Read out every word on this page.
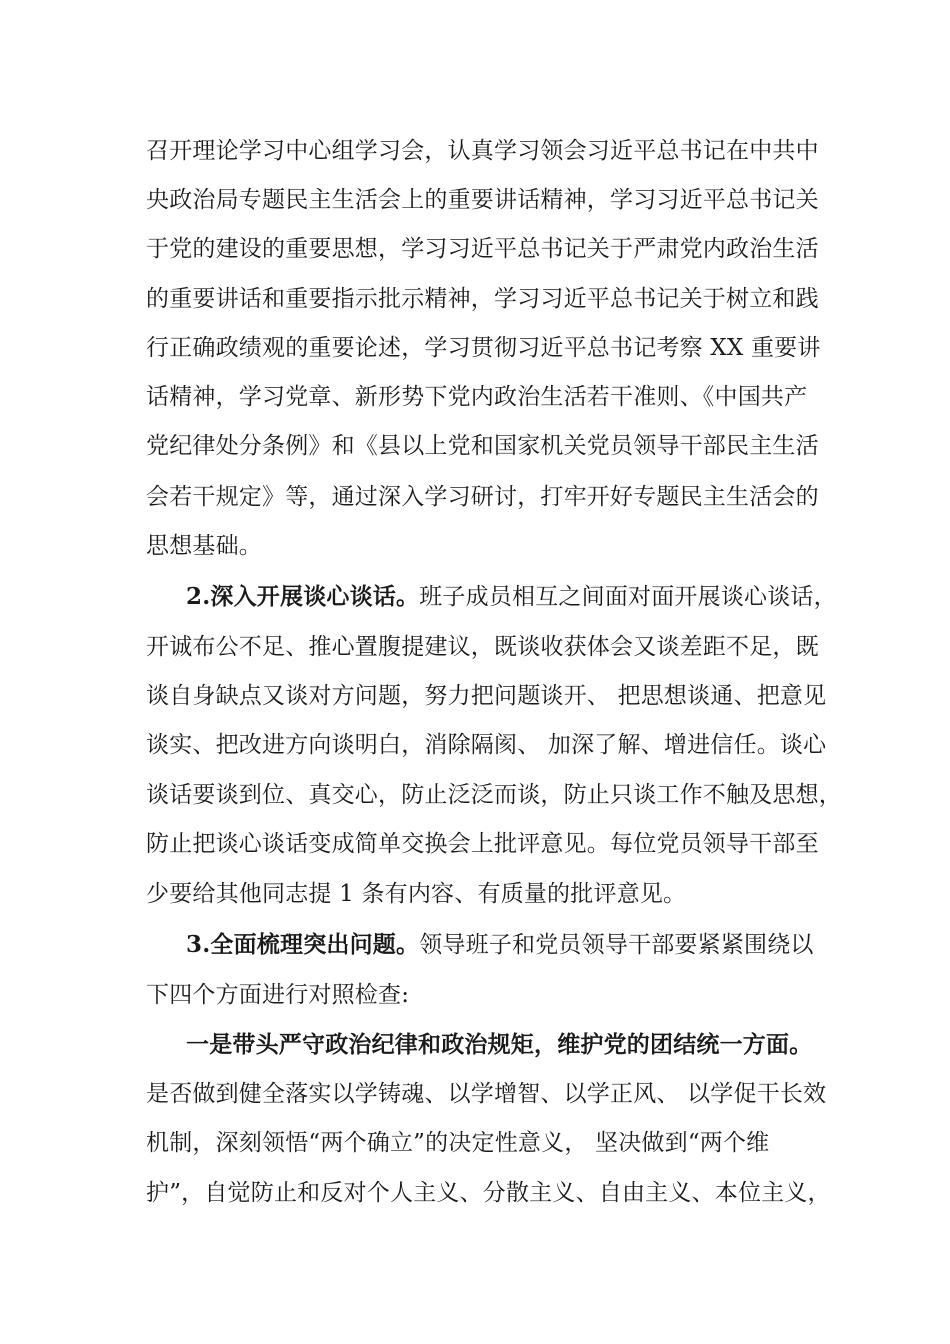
召开理论学习中心组学习会，认真学习领会习近平总书记在中共中
央政治局专题民主生活会上的重要讲话精神，学习习近平总书记关
于党的建设的重要思想，学习习近平总书记关于严肃党内政治生活
的重要讲话和重要指示批示精神，学习习近平总书记关于树立和践
行正确政绩观的重要论述，学习贯彻习近平总书记考察 XX 重要讲
话精神，学习党章、新形势下党内政治生活若干准则、《中国共产
党纪律处分条例》和《县以上党和国家机关党员领导干部民主生活
会若干规定》等，通过深入学习研讨，打牢开好专题民主生活会的
思想基础。
2.深入开展谈心谈话。班子成员相互之间面对面开展谈心谈话，
开诚布公不足、推心置腹提建议，既谈收获体会又谈差距不足，既
谈自身缺点又谈对方问题，努力把问题谈开、 把思想谈通、把意见
谈实、把改进方向谈明白，消除隔阂、 加深了解、增进信任。谈心
谈话要谈到位、真交心，防止泛泛而谈，防止只谈工作不触及思想，
防止把谈心谈话变成简单交换会上批评意见。每位党员领导干部至
少要给其他同志提 1 条有内容、有质量的批评意见。
3.全面梳理突出问题。领导班子和党员领导干部要紧紧围绕以
下四个方面进行对照检查:
一是带头严守政治纪律和政治规矩，维护党的团结统一方面。
是否做到健全落实以学铸魂、以学增智、以学正风、 以学促干长效
机制，深刻领悟“两个确立”的决定性意义， 坚决做到“两个维
护”，自觉防止和反对个人主义、分散主义、自由主义、本位主义，
